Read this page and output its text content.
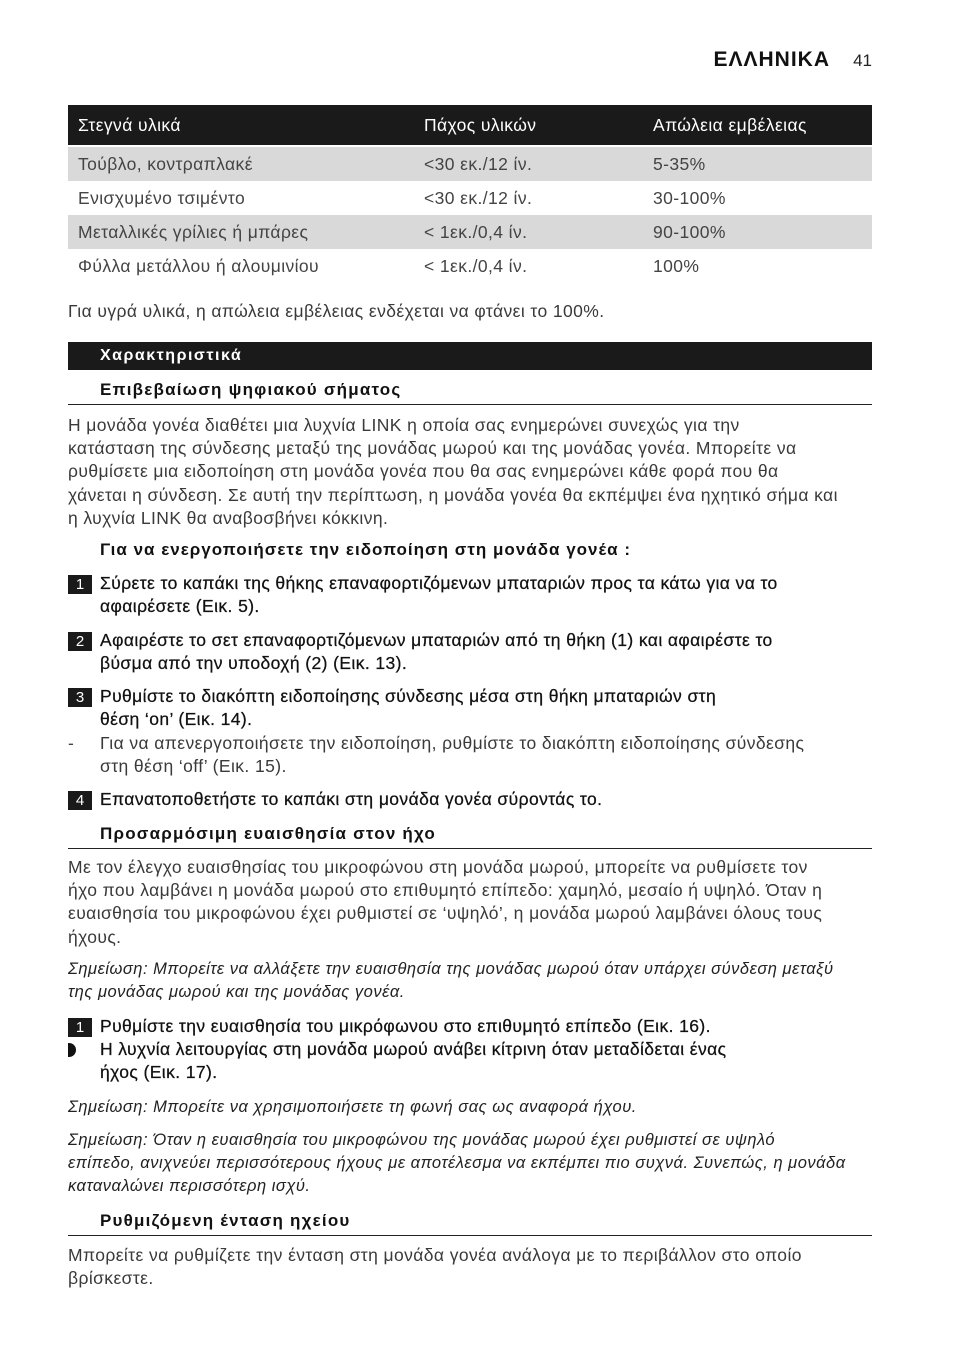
ΕΛΛΗΝΙΚΑ 41
Στεγνά υλικά	Πάχος υλικών	Απώλεια εμβέλειας
Τούβλο, κοντραπλακέ	<30 εκ./12 ίν.	5-35%
Ενισχυμένο τσιμέντο	<30 εκ./12 ίν.	30-100%
Μεταλλικές γρίλιες ή μπάρες	< 1εκ./0,4 ίν.	90-100%
Φύλλα μετάλλου ή αλουμινίου	< 1εκ./0,4 ίν.	100%
Για υγρά υλικά, η απώλεια εμβέλειας ενδέχεται να φτάνει το 100%.
Χαρακτηριστικά
Επιβεβαίωση ψηφιακού σήματος
Η μονάδα γονέα διαθέτει μια λυχνία LINK η οποία σας ενημερώνει συνεχώς για την
κατάσταση της σύνδεσης μεταξύ της μονάδας μωρού και της μονάδας γονέα. Μπορείτε να
ρυθμίσετε μια ειδοποίηση στη μονάδα γονέα που θα σας ενημερώνει κάθε φορά που θα
χάνεται η σύνδεση. Σε αυτή την περίπτωση, η μονάδα γονέα θα εκπέμψει ένα ηχητικό σήμα και
η λυχνία LINK θα αναβοσβήνει κόκκινη.
Για να ενεργοποιήσετε την ειδοποίηση στη μονάδα γονέα :
1 Σύρετε το καπάκι της θήκης επαναφορτιζόμενων μπαταριών προς τα κάτω για να το
αφαιρέσετε (Εικ. 5).
2 Αφαιρέστε το σετ επαναφορτιζόμενων μπαταριών από τη θήκη (1) και αφαιρέστε το
βύσμα από την υποδοχή (2) (Εικ. 13).
3 Ρυθμίστε το διακόπτη ειδοποίησης σύνδεσης μέσα στη θήκη μπαταριών στη
θέση ‘on’ (Εικ. 14).
- Για να απενεργοποιήσετε την ειδοποίηση, ρυθμίστε το διακόπτη ειδοποίησης σύνδεσης
στη θέση ‘off’ (Εικ. 15).
4 Επανατοποθετήστε το καπάκι στη μονάδα γονέα σύροντάς το.
Προσαρμόσιμη ευαισθησία στον ήχο
Με τον έλεγχο ευαισθησίας του μικροφώνου στη μονάδα μωρού, μπορείτε να ρυθμίσετε τον
ήχο που λαμβάνει η μονάδα μωρού στο επιθυμητό επίπεδο: χαμηλό, μεσαίο ή υψηλό. Όταν η
ευαισθησία του μικροφώνου έχει ρυθμιστεί σε ‘υψηλό’, η μονάδα μωρού λαμβάνει όλους τους
ήχους.
Σημείωση: Μπορείτε να αλλάξετε την ευαισθησία της μονάδας μωρού όταν υπάρχει σύνδεση μεταξύ
της μονάδας μωρού και της μονάδας γονέα.
1 Ρυθμίστε την ευαισθησία του μικρόφωνου στο επιθυμητό επίπεδο (Εικ. 16).
Η λυχνία λειτουργίας στη μονάδα μωρού ανάβει κίτρινη όταν μεταδίδεται ένας
ήχος (Εικ. 17).
Σημείωση: Μπορείτε να χρησιμοποιήσετε τη φωνή σας ως αναφορά ήχου.
Σημείωση: Όταν η ευαισθησία του μικροφώνου της μονάδας μωρού έχει ρυθμιστεί σε υψηλό
επίπεδο, ανιχνεύει περισσότερους ήχους με αποτέλεσμα να εκπέμπει πιο συχνά. Συνεπώς, η μονάδα
καταναλώνει περισσότερη ισχύ.
Ρυθμιζόμενη ένταση ηχείου
Μπορείτε να ρυθμίζετε την ένταση στη μονάδα γονέα ανάλογα με το περιβάλλον στο οποίο
βρίσκεστε.
